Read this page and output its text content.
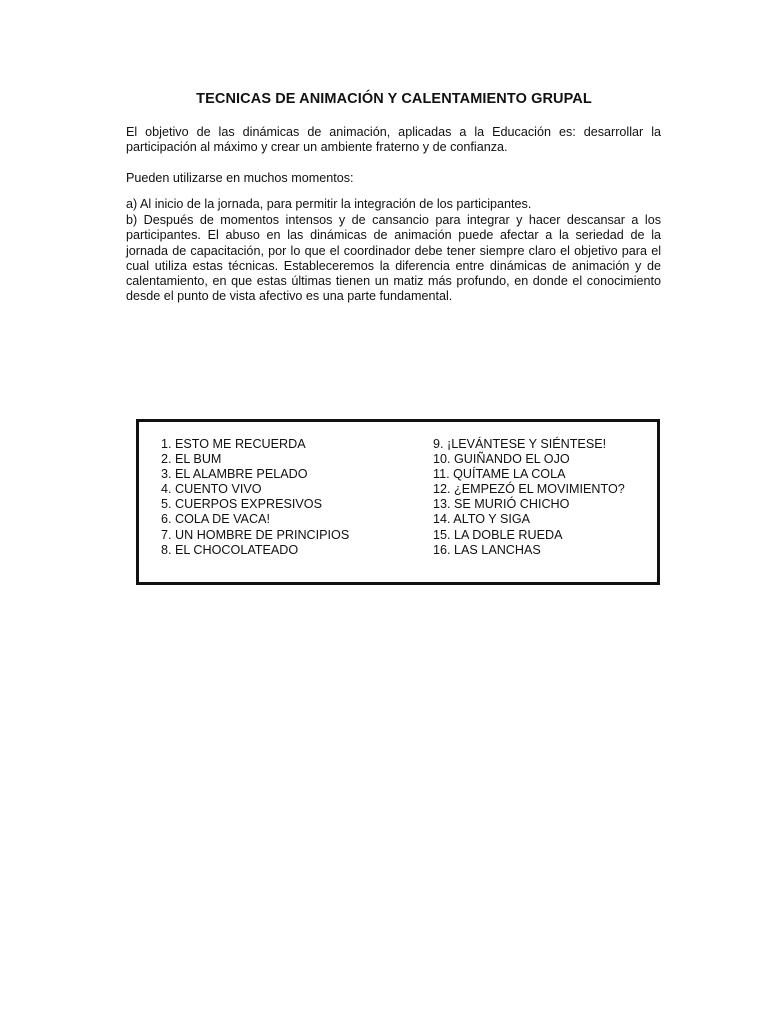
TECNICAS DE ANIMACIÓN Y CALENTAMIENTO GRUPAL

El objetivo de las dinámicas de animación, aplicadas a la Educación es: desarrollar la participación al máximo y crear un ambiente fraterno y de confianza.

Pueden utilizarse en muchos momentos:

a) Al inicio de la jornada, para permitir la integración de los participantes.

b) Después de momentos intensos y de cansancio para integrar y hacer descansar a los participantes. El abuso en las dinámicas de animación puede afectar a la seriedad de la jornada de capacitación, por lo que el coordinador debe tener siempre claro el objetivo para el cual utiliza estas técnicas. Estableceremos la diferencia entre dinámicas de animación y de calentamiento, en que estas últimas tienen un matiz más profundo, en donde el conocimiento desde el punto de vista afectivo es una parte fundamental.

1. ESTO ME RECUERDA
2. EL BUM
3. EL ALAMBRE PELADO
4. CUENTO VIVO
5. CUERPOS EXPRESIVOS
6. COLA DE VACA!
7. UN HOMBRE DE PRINCIPIOS
8. EL CHOCOLATEADO
9. ¡LEVÁNTESE Y SIÉNTESE!
10. GUIÑANDO EL OJO
11. QUÍTAME LA COLA
12. ¿EMPEZÓ EL MOVIMIENTO?
13. SE MURIÓ CHICHO
14. ALTO Y SIGA
15. LA DOBLE RUEDA
16. LAS LANCHAS
